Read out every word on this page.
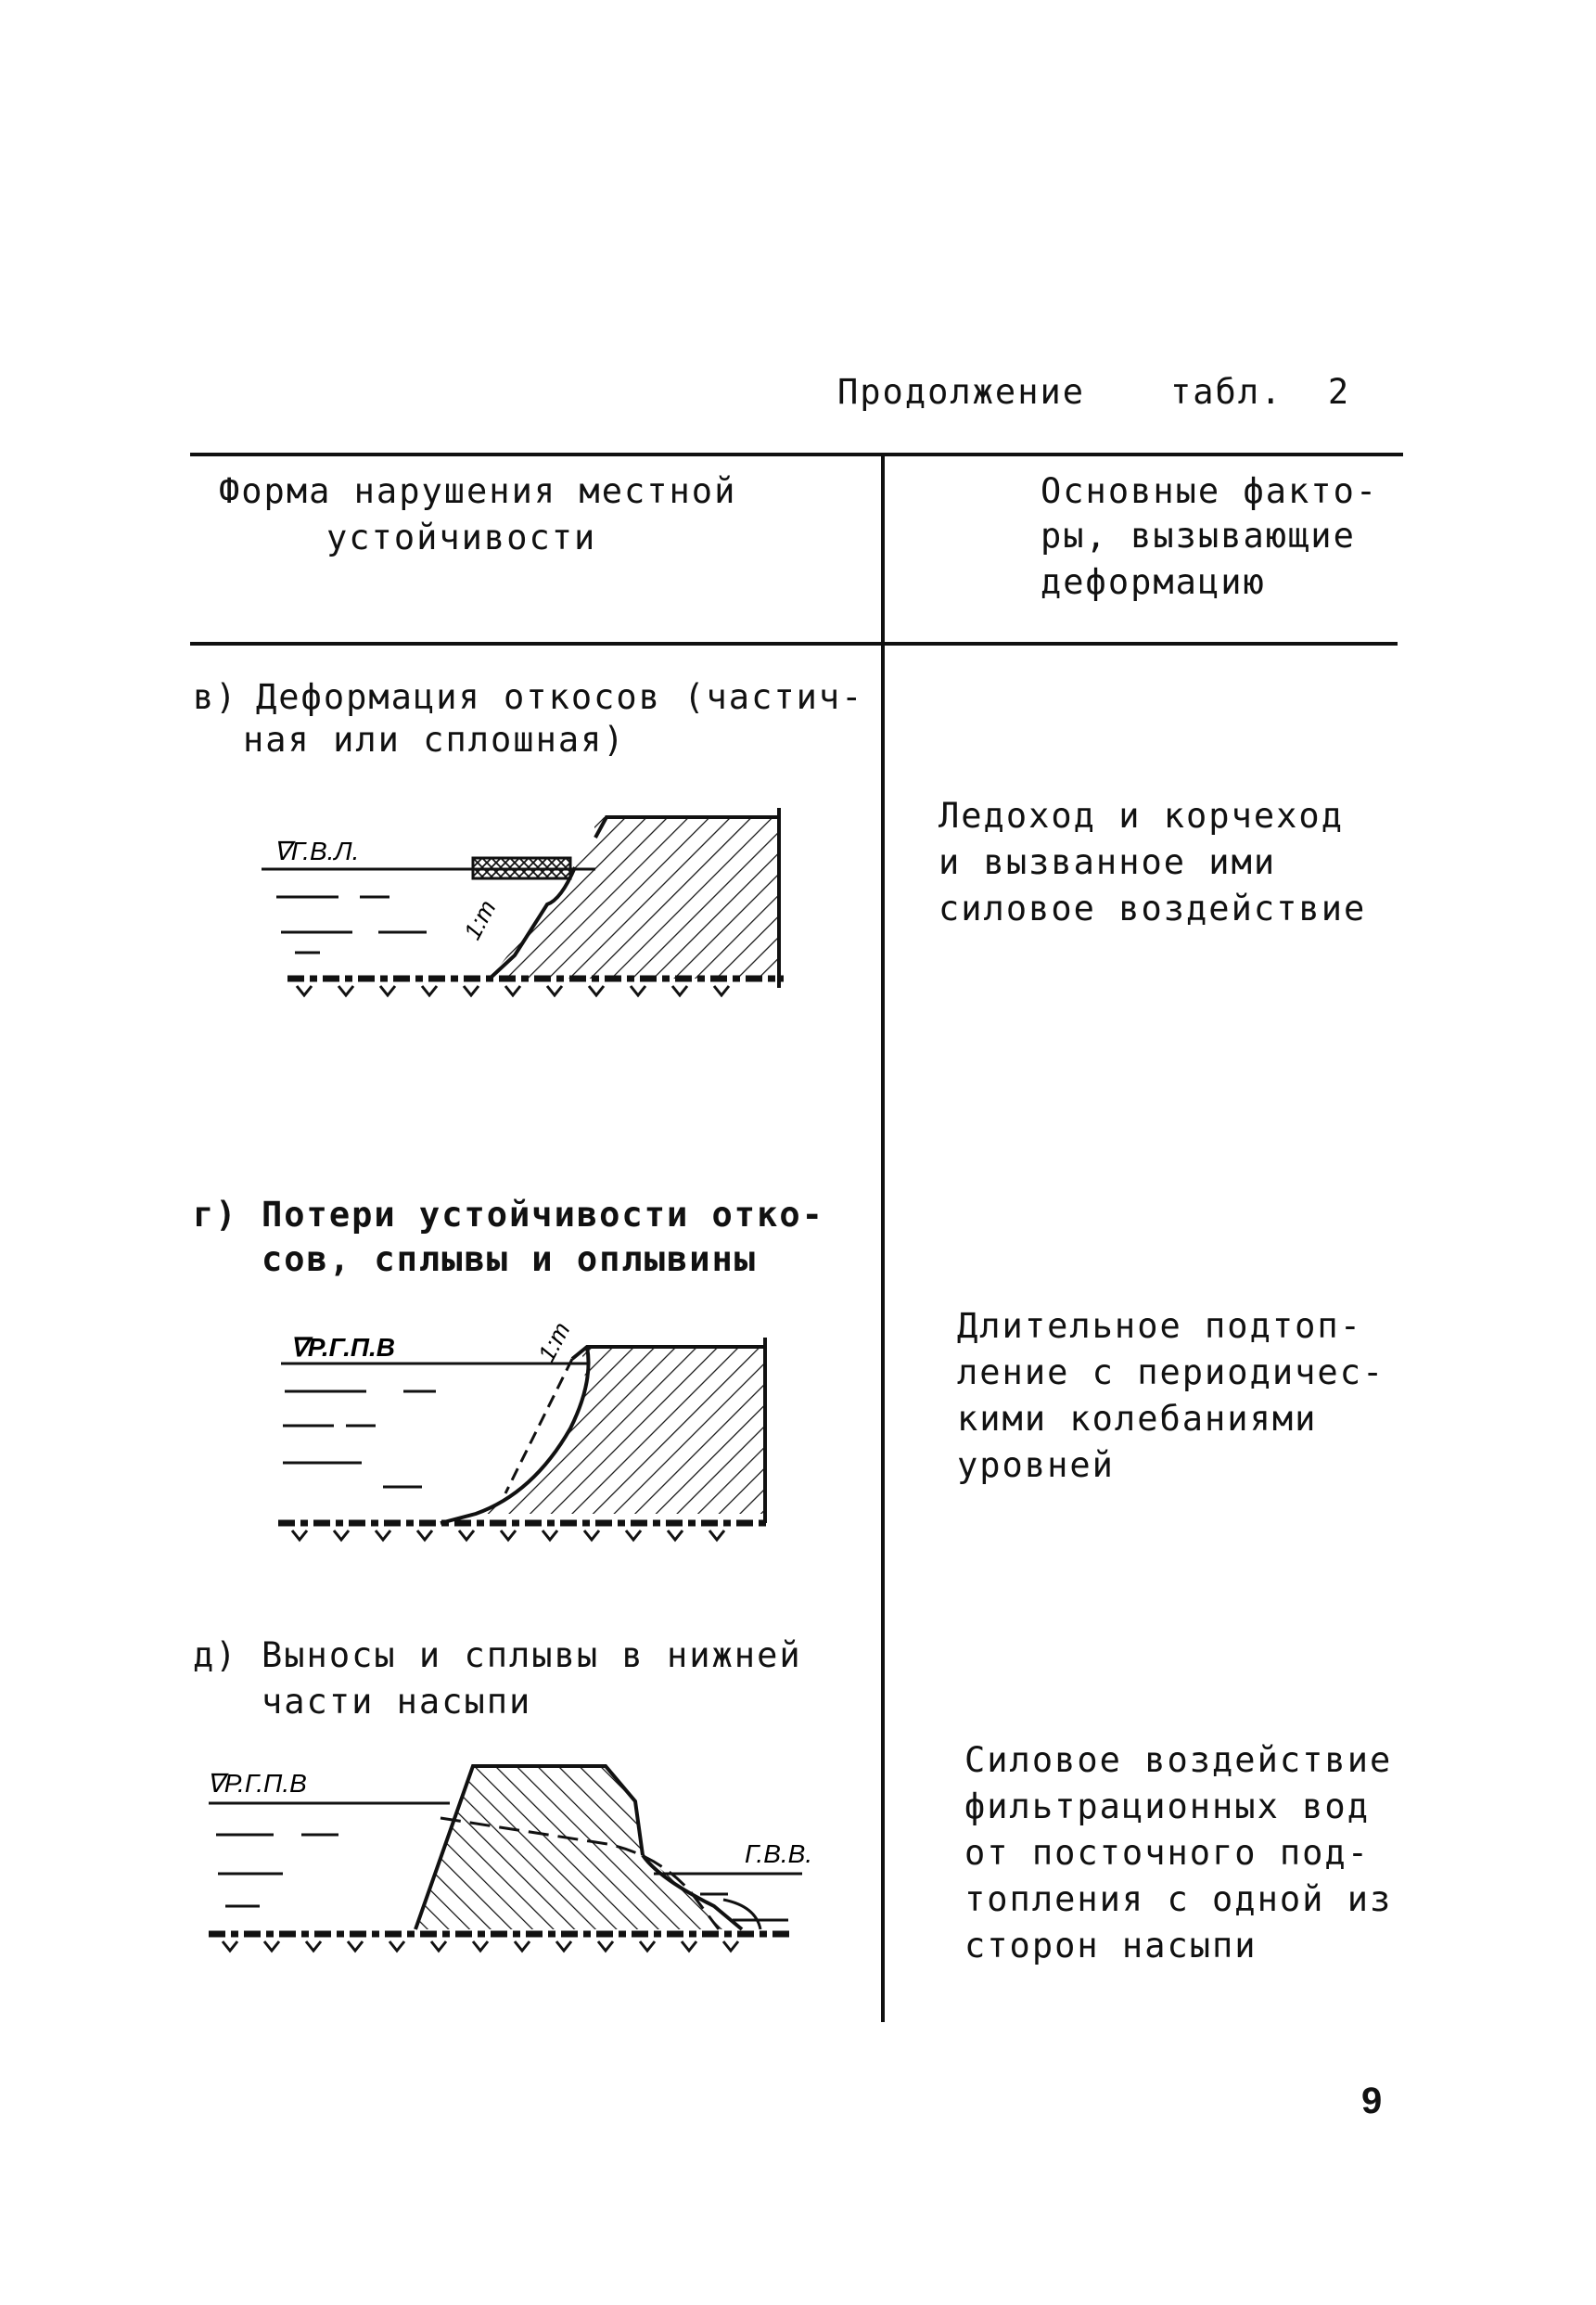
Продолжение табл.  2
Форма нарушения местной
устойчивости
Основные факто-
ры, вызывающие
деформацию
в) Деформация откосов (частич-
ная или сплошная)
Ледоход и корчеход
и вызванное ими
силовое воздействие
∇Г.В.Л.
1:m
г) Потери устойчивости отко-
сов, сплывы и оплывины
Длительное подтоп-
ление с периодичес-
кими колебаниями
уровней
∇Р.Г.П.В	1:m
д) Выносы и сплывы в нижней
части насыпи
Силовое воздействие
фильтрационных вод
от посточного под-
топления с одной из
сторон насыпи
∇Р.Г.П.В
Г.В.В.
9
